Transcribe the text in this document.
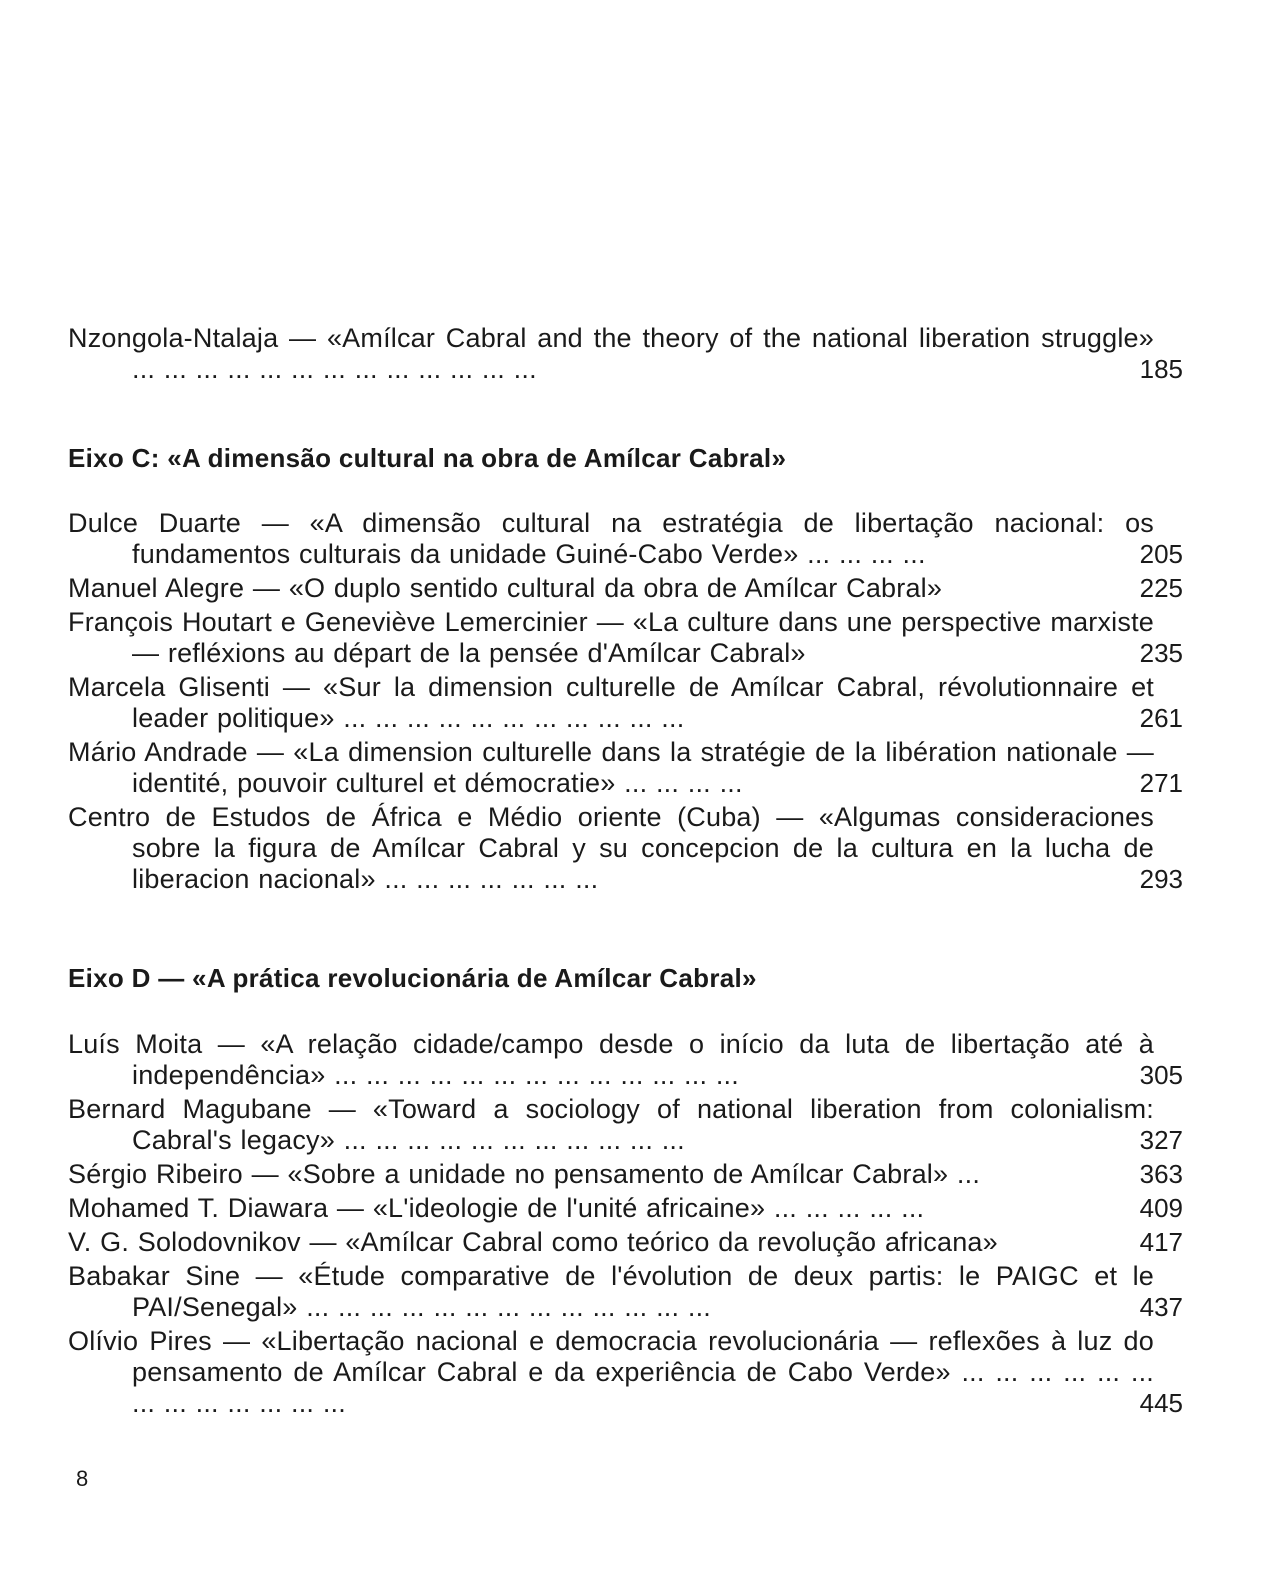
Nzongola-Ntalaja — «Amílcar Cabral and the theory of the national liberation struggle» ... ... ... ... ... ... ... ... ... ... ... ... ...	185
Eixo C: «A dimensão cultural na obra de Amílcar Cabral»
Dulce Duarte — «A dimensão cultural na estratégia de libertação nacional: os fundamentos culturais da unidade Guiné-Cabo Verde» ... ... ... ...	205
Manuel Alegre — «O duplo sentido cultural da obra de Amílcar Cabral»	225
François Houtart e Geneviève Lemercinier — «La culture dans une perspective marxiste — refléxions au départ de la pensée d'Amílcar Cabral»	235
Marcela Glisenti — «Sur la dimension culturelle de Amílcar Cabral, révolutionnaire et leader politique» ... ... ... ... ... ... ... ... ... ... ...	261
Mário Andrade — «La dimension culturelle dans la stratégie de la libération nationale — identité, pouvoir culturel et démocratie» ... ... ... ...	271
Centro de Estudos de África e Médio oriente (Cuba) — «Algumas consideraciones sobre la figura de Amílcar Cabral y su concepcion de la cultura en la lucha de liberacion nacional» ... ... ... ... ... ... ...	293
Eixo D — «A prática revolucionária de Amílcar Cabral»
Luís Moita — «A relação cidade/campo desde o início da luta de libertação até à independência» ... ... ... ... ... ... ... ... ... ... ... ... ...	305
Bernard Magubane — «Toward a sociology of national liberation from colonialism: Cabral's legacy» ... ... ... ... ... ... ... ... ... ... ...	327
Sérgio Ribeiro — «Sobre a unidade no pensamento de Amílcar Cabral» ...	363
Mohamed T. Diawara — «L'ideologie de l'unité africaine» ... ... ... ... ...	409
V. G. Solodovnikov — «Amílcar Cabral como teórico da revolução africana»	417
Babakar Sine — «Étude comparative de l'évolution de deux partis: le PAIGC et le PAI/Senegal» ... ... ... ... ... ... ... ... ... ... ... ... ...	437
Olívio Pires — «Libertação nacional e democracia revolucionária — reflexões à luz do pensamento de Amílcar Cabral e da experiência de Cabo Verde» ... ... ... ... ... ... ... ... ... ... ... ... ...	445
8
